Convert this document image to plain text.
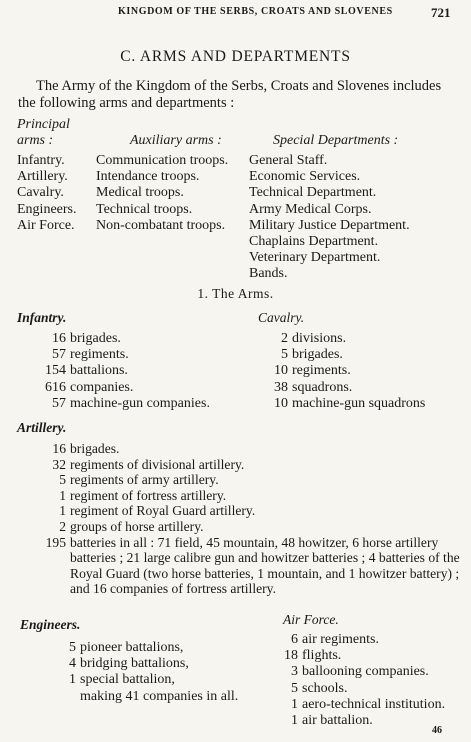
KINGDOM OF THE SERBS, CROATS AND SLOVENES	721
C. ARMS AND DEPARTMENTS
The Army of the Kingdom of the Serbs, Croats and Slovenes includes
the following arms and departments :
Principal
arms :
Infantry.
Artillery.
Cavalry.
Engineers.
Air Force.
Auxiliary arms :
Communication troops.
Intendance troops.
Medical troops.
Technical troops.
Non-combatant troops.
Special Departments :
General Staff.
Economic Services.
Technical Department.
Army Medical Corps.
Military Justice Department.
Chaplains Department.
Veterinary Department.
Bands.
1. The Arms.
Infantry.
16 brigades.
57 regiments.
154 battalions.
616 companies.
57 machine-gun companies.
Cavalry.
2 divisions.
5 brigades.
10 regiments.
38 squadrons.
10 machine-gun squadrons
Artillery.
16 brigades.
32 regiments of divisional artillery.
5 regiments of army artillery.
1 regiment of fortress artillery.
1 regiment of Royal Guard artillery.
2 groups of horse artillery.
195 batteries in all : 71 field, 45 mountain, 48 howitzer, 6 horse artillery batteries ; 21 large calibre gun and howitzer batteries ; 4 batteries of the Royal Guard (two horse batteries, 1 mountain, and 1 howitzer battery) ; and 16 companies of fortress artillery.
Engineers.
5 pioneer battalions,
4 bridging battalions,
1 special battalion,
making 41 companies in all.
Air Force.
6 air regiments.
18 flights.
3 ballooning companies.
5 schools.
1 aero-technical institution.
1 air battalion.
46
